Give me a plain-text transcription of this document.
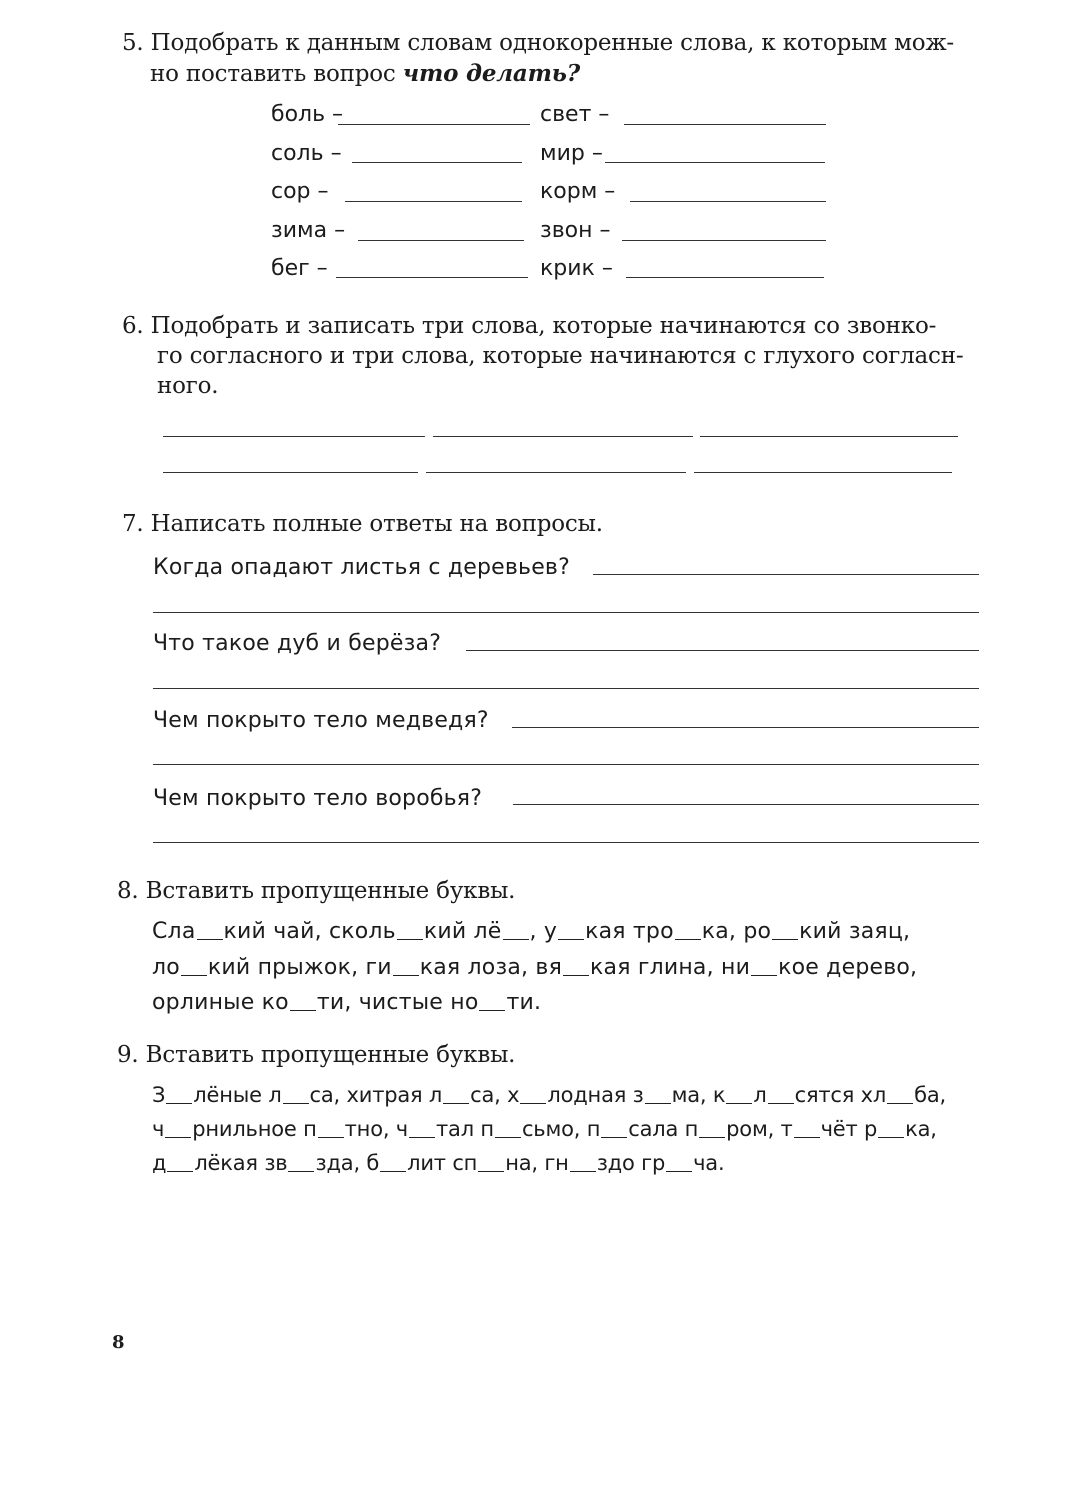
5. Подобрать к данным словам однокоренные слова, к которым мож-
но поставить вопрос что делать?
боль –	свет –
соль –	мир –
сор –	корм –
зима –	звон –
бег –	крик –
6. Подобрать и записать три слова, которые начинаются со звонко-
го согласного и три слова, которые начинаются с глухого согласн-
ного.
7. Написать полные ответы на вопросы.
Когда опадают листья с деревьев?
Что такое дуб и берёза?
Чем покрыто тело медведя?
Чем покрыто тело воробья?
8. Вставить пропущенные буквы.
Сла кий чай, сколь кий лё , у кая тро ка, ро кий заяц,
ло кий прыжок, ги кая лоза, вя кая глина, ни кое дерево,
орлиные ко ти, чистые но ти.
9. Вставить пропущенные буквы.
З лёные л са, хитрая л са, х лодная з ма, к л сятся хл ба,
ч рнильное п тно, ч тал п сьмо, п сала п ром, т чёт р ка,
д лёкая зв зда, б лит сп на, гн здо гр ча.
8
